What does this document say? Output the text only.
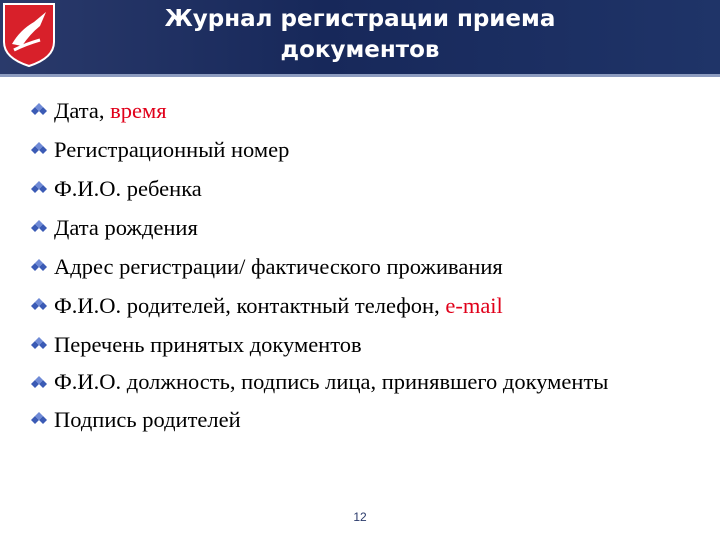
Журнал регистрации приема
документов
Дата, время
Регистрационный номер
Ф.И.О. ребенка
Дата рождения
Адрес регистрации/ фактического проживания
Ф.И.О. родителей, контактный телефон, e-mail
Перечень принятых документов
Ф.И.О. должность, подпись лица, принявшего документы
Подпись родителей
12
